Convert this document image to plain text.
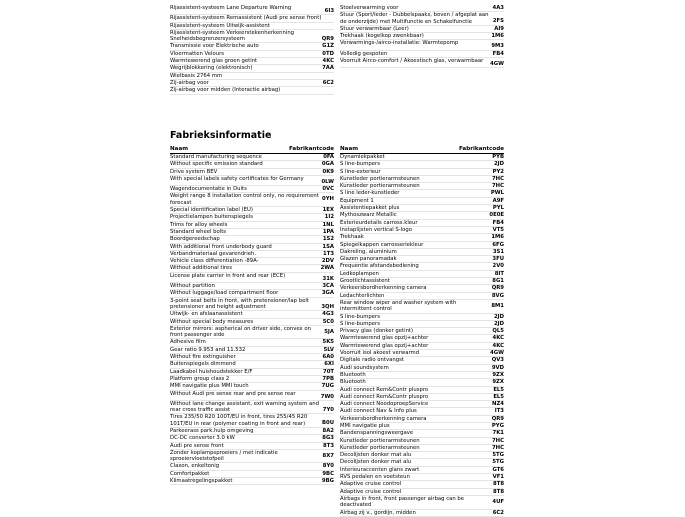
Rijassistent-systeem Lane Departure Warning	6I3
Rijassistent-systeem Remassistent (Audi pre sense front)
Rijassistent-systeem Uitwijk-assistent
Rijassistent-systeem Verkeerstekenherkenning Snelheidsbegrenzersysteem	QR9
Transmissie voor Elektrische auto	G1Z
Vloermatten Velours	0TD
Warmtewerend glas groen getint	4KC
Wegrijblokkering (elektronisch)	7AA
Wielbasis 2764 mm
Zij-airbag voor	6C2
Zij-airbag voor midden (Interactie airbag)
Stoelverwarming voor	4A3
Stuur (Sport/leder - Dubbelspaaks, boven / afgeplat aan de onderzijde) met Multifunctie en Schakelfunctie	2FS
Stuur verwarmbaar (Leer)	AI9
Trekhaak (kogelkop zwenkbaar)	1M6
Verwarmings-/airco-installatie: Warmtepomp	9M3
Volledig gespoten	FB4
Voorruit Airco-comfort / Akoestisch glas, verwarmbaar	4GW
Fabrieksinformatie
Naam	Fabrikantcode
Standard manufacturing sequence	0FA
Without specific emission standard	0GA
Drive system BEV	0K9
With special labels safety certificates for Germany	0LW
Wagendocumentatie in Duits	0VC
Weight range 8 installation control only, no requirement forecast
0YH
Special identification label (EU)	1EX
Projectielampen buitenspiegels	1I2
Trims for alloy wheels	1NL
Standard wheel bolts	1PA
Boordgereedschap	1S2
With additional front underbody guard	1SA
Verbandmateriaal gevarendrieh.	1T3
Vehicle class differentiation -89A-	2DV
Without additional tires	2WA
License plate carrier in front and rear (ECE)	31K
Without partition	3CA
Without luggage/load compartment floor	3GA
3-point seat belts in front, with pretensioner/lap belt pretensioner and height adjustment	3QH
Uitwijk- en afslaanassistent	4G3
Without special body measures	5C0
Exterior mirrors: aspherical on driver side, convex on front passenger side
5JA
Adhesive film	5K5
Gear ratio 9.953 and 11.532	5LV
Without fire extinguisher	6A0
Buitenspiegels dimmend	6XI
Laadkabel huishoudstekker E/F	70T
Platform group class 2	7PB
MMI navigatie plus MMI touch	7UG
Without Audi pre sense rear and pre sense rear	7W0
Without lane change assistant, exit warning system and rear cross traffic assist	7Y0
Tires 235/50 R20 100T/EU in front, tires 255/45 R20 101T/EU in rear (polymer coating in front and rear)	B0U
Parkeerass park.hulp omgeving	8A2
DC-DC converter 3.0 kW	8G3
Audi pre sense front	8T3
Zonder koplampsproeiers / met indicatie sproeiervloeistofpeil
8X7
Claxon, enkeltonig	8Y0
Comfortpakket	9BC
Klimaatregelingspakket	9BG
Naam	Fabrikantcode
Dynamiekpakket	PYB
S line-bumpers	2JD
S line-exterieur	PY2
Kunstleder portierarmsteunen	7HC
Kunstleder portierarmsteunen	7HC
S line leder-kunstleder	PWL
Equipment 1	A9F
Assistentiepakket plus	PYL
Mythoszwarz Metallic	0E0E
Exterieurdetails carross.kleur	FB4
Instaplijsten vertical S-logo	VT5
Trekhaak	1M6
Spiegelkappen carrosseriekleur	6FG
Dakreling, aluminium	3S1
Glazen panoramadak	3FU
Frequentie afstandsbediening	2V0
Ledkoplampen	8IT
Grootlichtassistent	8G1
Verkeersbordherkenning camera	QR9
Ledachterlichten	8VG
Rear window wiper and washer system with intermittent control
8M1
S line-bumpers	2JD
S line-bumpers	2JD
Privacy glas (donker getint)	QL5
Warmtewerend glas opzij+achter	4KC
Warmtewerend glas opzij+achter	4KC
Voorruit isol akoest verwarmd	4GW
Digitale radio ontvangst	QV3
Audi soundsystem	9VD
Bluetooth	9ZX
Bluetooth	9ZX
Audi connect Rem&Contr pluspro	EL5
Audi connect Rem&Contr pluspro	EL5
Audi connect NoodoproepService	NZ4
Audi connect Nav & Info plus	IT3
Verkeersbordherkenning camera	QR9
MMI navigatie plus	PYG
Bandenspanningsweergave	7K1
Kunstleder portierarmsteunen	7HC
Kunstleder portierarmsteunen	7HC
Decolijsten donker mat alu	5TG
Decolijsten donker mat alu	5TG
Interieuraccenten glans zwart	GT6
RVS pedalen en voetsteun	VF1
Adaptive cruise control	8T8
Adaptive cruise control	8T8
Airbags in front, front passenger airbag can be deactivated
4UF
Airbag zij v., gordijn, midden	6C2
